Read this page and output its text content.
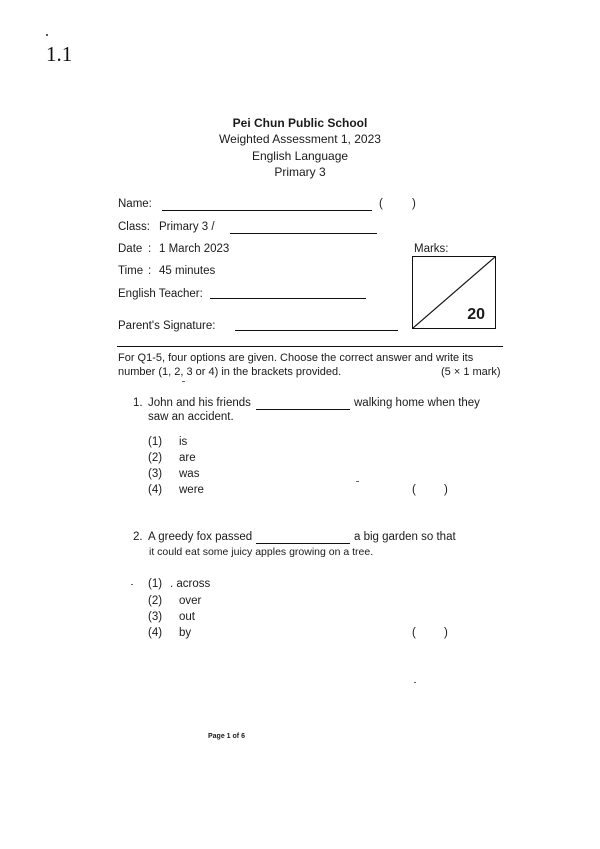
1.1
Pei Chun Public School
Weighted Assessment 1, 2023
English Language
Primary 3
Name:	(	)
Class: Primary 3 /
Date : 1 March 2023	Marks:
20
Time : 45 minutes
English Teacher:
Parent's Signature:
For Q1-5, four options are given. Choose the correct answer and write its
number (1, 2, 3 or 4) in the brackets provided.	(5 × 1 mark)
1. John and his friends	walking home when they
saw an accident.
(1) is
(2) are
(3) was
(4) were	( )
2. A greedy fox passed	a big garden so that
it could eat some juicy apples growing on a tree.
(1) . across
(2) over
(3) out
(4) by	( )
Page 1 of 6
